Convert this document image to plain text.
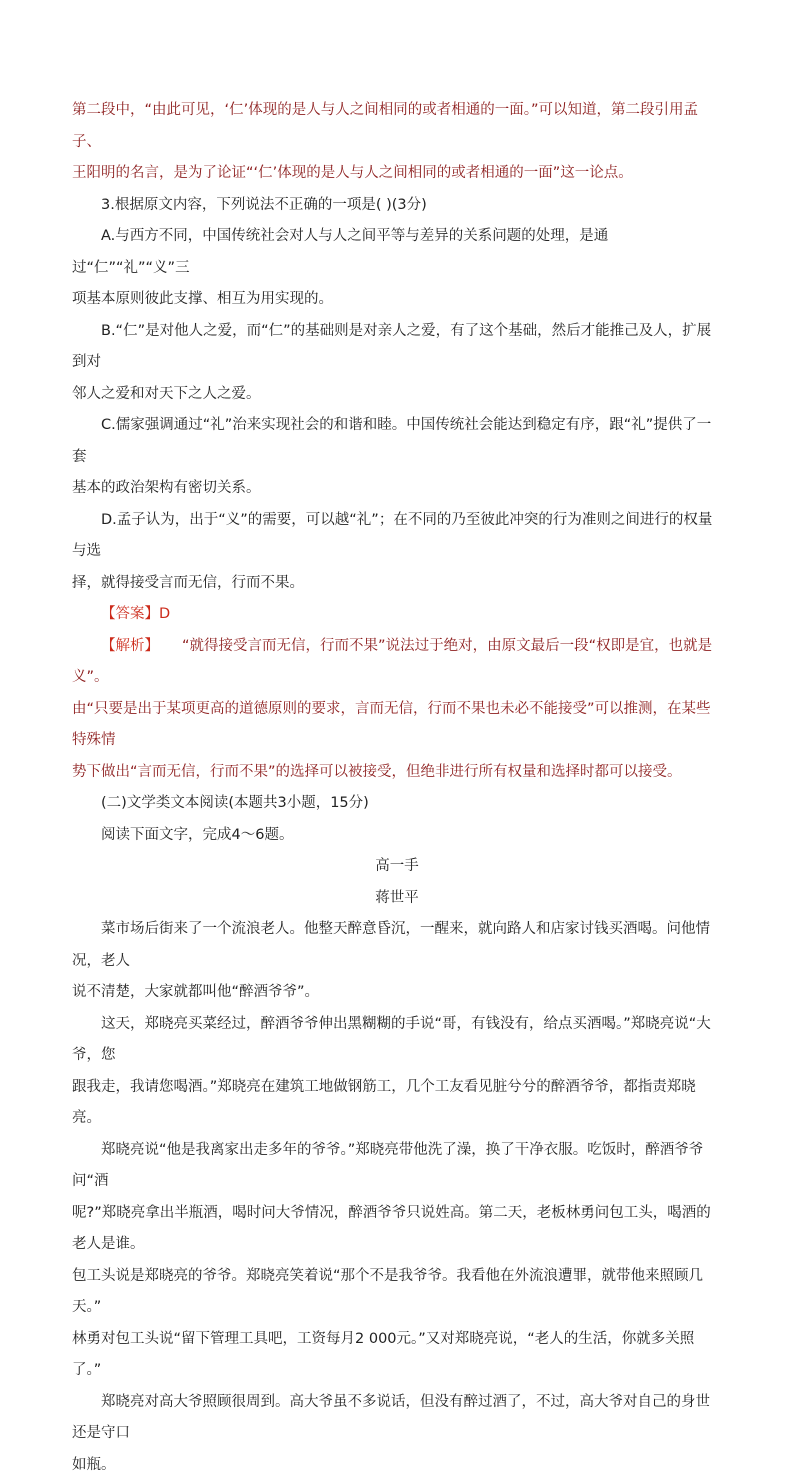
第二段中，“由此可见，‘仁’体现的是人与人之间相同的或者相通的一面。”可以知道，第二段引用孟子、

王阳明的名言，是为了论证“‘仁’体现的是人与人之间相同的或者相通的一面”这一论点。

3.根据原文内容，下列说法不正确的一项是( )(3分)

A.与西方不同，中国传统社会对人与人之间平等与差异的关系问题的处理，是通过“仁”“礼”“义”三

项基本原则彼此支撑、相互为用实现的。

B.“仁”是对他人之爱，而“仁”的基础则是对亲人之爱，有了这个基础，然后才能推己及人，扩展到对

邻人之爱和对天下之人之爱。

C.儒家强调通过“礼”治来实现社会的和谐和睦。中国传统社会能达到稳定有序，跟“礼”提供了一套

基本的政治架构有密切关系。

D.孟子认为，出于“义”的需要，可以越“礼”；在不同的乃至彼此冲突的行为准则之间进行的权量与选

择，就得接受言而无信，行而不果。

【答案】D

【解析】 “就得接受言而无信，行而不果”说法过于绝对，由原文最后一段“权即是宜，也就是义”。

由“只要是出于某项更高的道德原则的要求，言而无信，行而不果也未必不能接受”可以推测，在某些特殊情

势下做出“言而无信，行而不果”的选择可以被接受，但绝非进行所有权量和选择时都可以接受。

(二)文学类文本阅读(本题共3小题，15分)

阅读下面文字，完成4～6题。

高一手

蒋世平

菜市场后街来了一个流浪老人。他整天醉意昏沉，一醒来，就向路人和店家讨钱买酒喝。问他情况，老人

说不清楚，大家就都叫他“醉酒爷爷”。

这天，郑晓亮买菜经过，醉酒爷爷伸出黑糊糊的手说“哥，有钱没有，给点买酒喝。”郑晓亮说“大爷，您

跟我走，我请您喝酒。”郑晓亮在建筑工地做钢筋工，几个工友看见脏兮兮的醉酒爷爷，都指责郑晓亮。

郑晓亮说“他是我离家出走多年的爷爷。”郑晓亮带他洗了澡，换了干净衣服。吃饭时，醉酒爷爷问“酒

呢?”郑晓亮拿出半瓶酒，喝时问大爷情况，醉酒爷爷只说姓高。第二天，老板林勇问包工头，喝酒的老人是谁。

包工头说是郑晓亮的爷爷。郑晓亮笑着说“那个不是我爷爷。我看他在外流浪遭罪，就带他来照顾几天。”

林勇对包工头说“留下管理工具吧，工资每月2 000元。”又对郑晓亮说，“老人的生活，你就多关照了。”

郑晓亮对高大爷照顾很周到。高大爷虽不多说话，但没有醉过酒了，不过，高大爷对自己的身世还是守口

如瓶。
